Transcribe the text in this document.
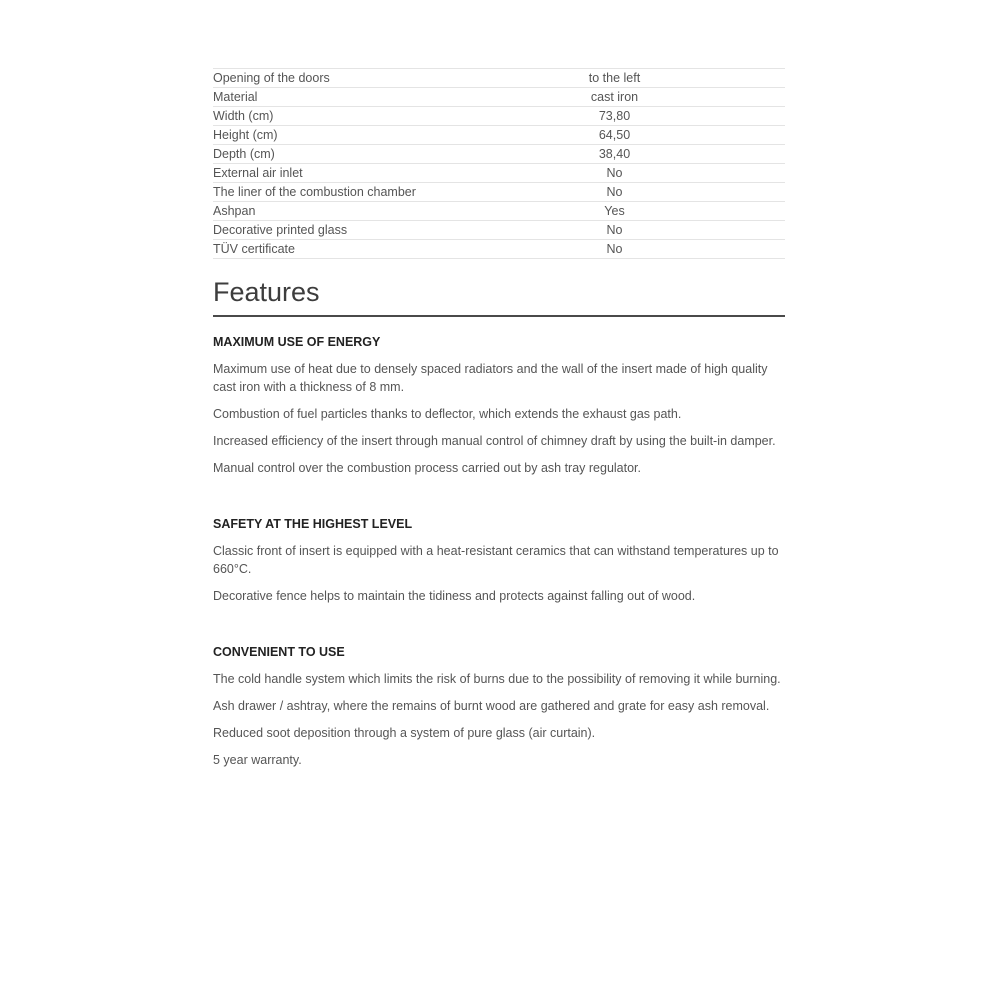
Opening of the doors	to the left
Material	cast iron
Width (cm)	73,80
Height (cm)	64,50
Depth (cm)	38,40
External air inlet	No
The liner of the combustion chamber	No
Ashpan	Yes
Decorative printed glass	No
TÜV certificate	No
Features
MAXIMUM USE OF ENERGY

Maximum use of heat due to densely spaced radiators and the wall of the insert made of high quality cast iron with a thickness of 8 mm.

Combustion of fuel particles thanks to deflector, which extends the exhaust gas path.

Increased efficiency of the insert through manual control of chimney draft by using the built-in damper.

Manual control over the combustion process carried out by ash tray regulator.

SAFETY AT THE HIGHEST LEVEL

Classic front of insert is equipped with a heat-resistant ceramics that can withstand temperatures up to 660°C.

Decorative fence helps to maintain the tidiness and protects against falling out of wood.

CONVENIENT TO USE

The cold handle system which limits the risk of burns due to the possibility of removing it while burning.

Ash drawer / ashtray, where the remains of burnt wood are gathered and grate for easy ash removal.

Reduced soot deposition through a system of pure glass (air curtain).

5 year warranty.
